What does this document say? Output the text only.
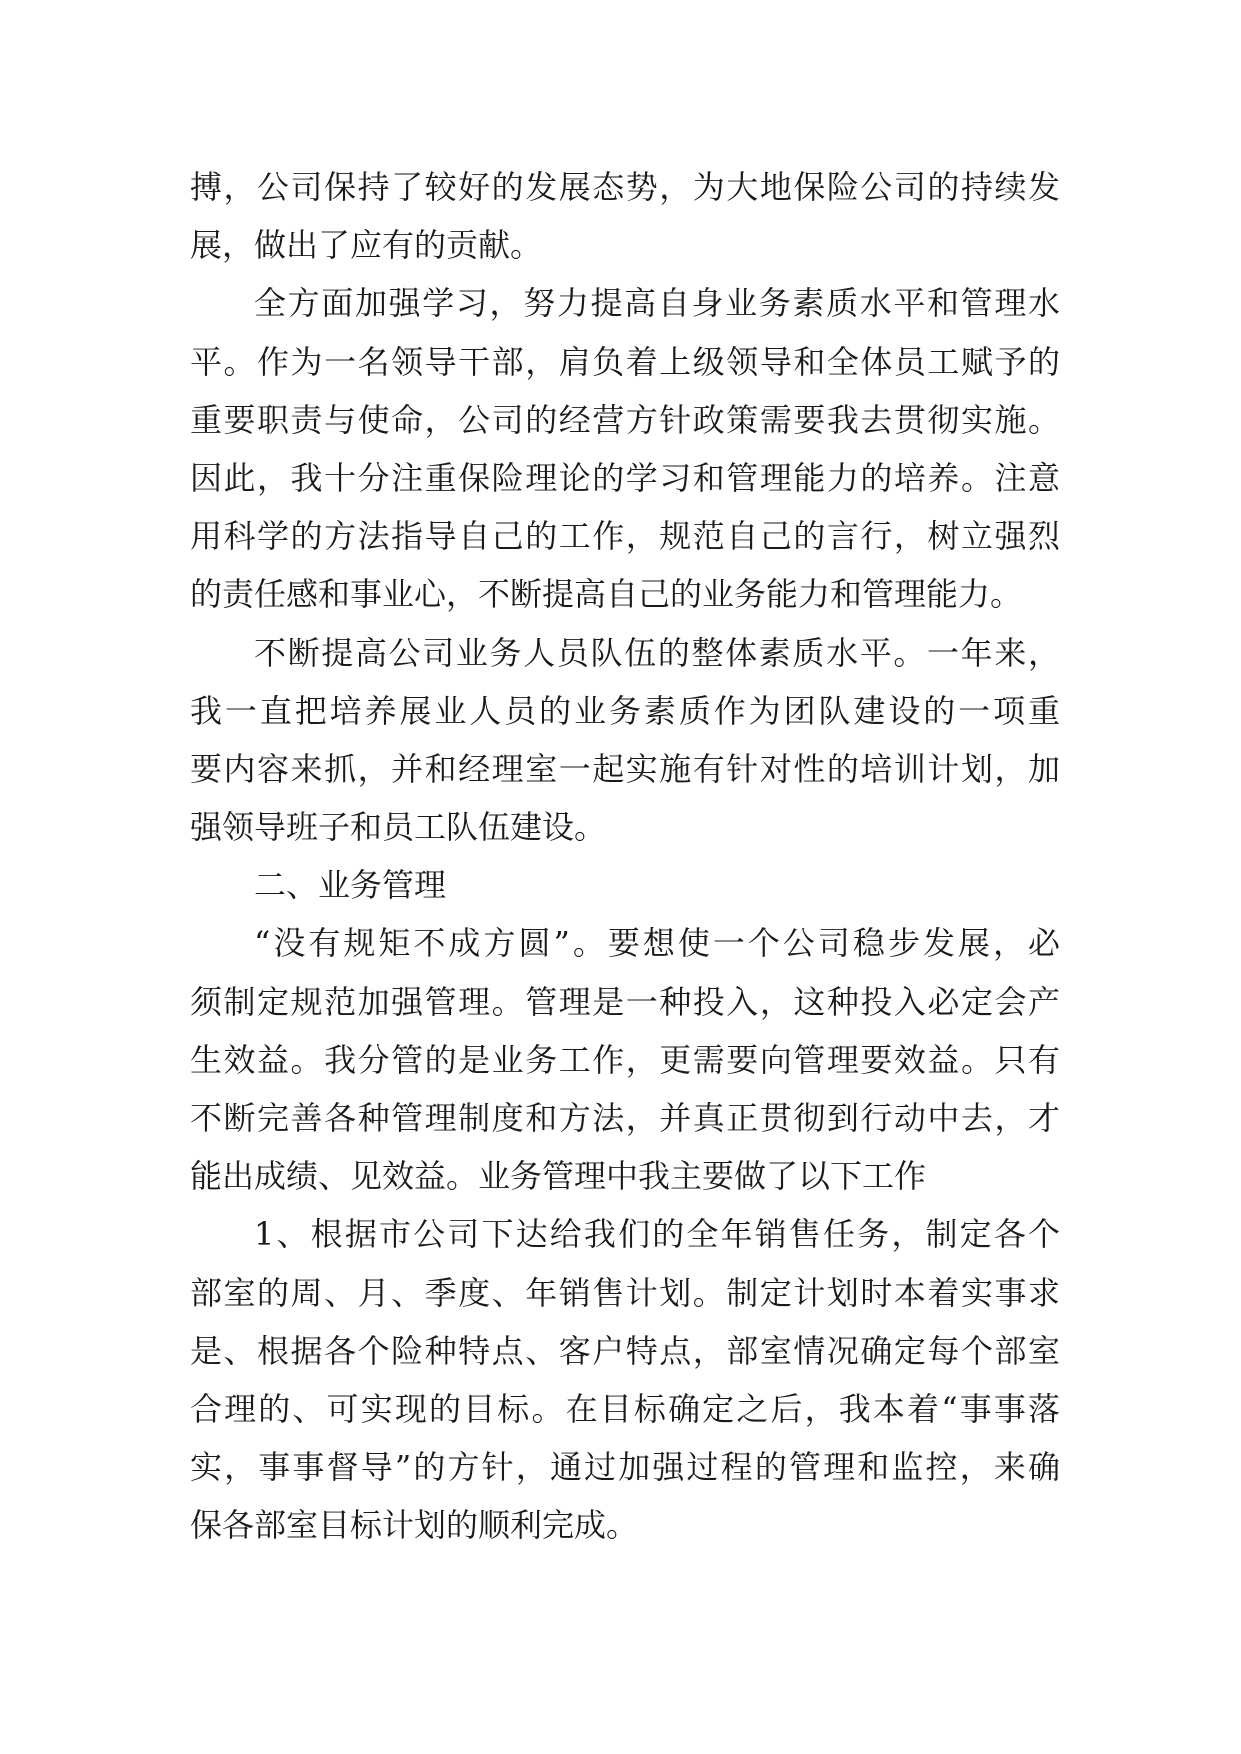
搏，公司保持了较好的发展态势，为大地保险公司的持续发
展，做出了应有的贡献。
全方面加强学习，努力提高自身业务素质水平和管理水
平。作为一名领导干部，肩负着上级领导和全体员工赋予的
重要职责与使命，公司的经营方针政策需要我去贯彻实施。
因此，我十分注重保险理论的学习和管理能力的培养。注意
用科学的方法指导自己的工作，规范自己的言行，树立强烈
的责任感和事业心，不断提高自己的业务能力和管理能力。
不断提高公司业务人员队伍的整体素质水平。一年来，
我一直把培养展业人员的业务素质作为团队建设的一项重
要内容来抓，并和经理室一起实施有针对性的培训计划，加
强领导班子和员工队伍建设。
二、业务管理
“没有规矩不成方圆”。要想使一个公司稳步发展，必
须制定规范加强管理。管理是一种投入，这种投入必定会产
生效益。我分管的是业务工作，更需要向管理要效益。只有
不断完善各种管理制度和方法，并真正贯彻到行动中去，才
能出成绩、见效益。业务管理中我主要做了以下工作
1、根据市公司下达给我们的全年销售任务，制定各个
部室的周、月、季度、年销售计划。制定计划时本着实事求
是、根据各个险种特点、客户特点，部室情况确定每个部室
合理的、可实现的目标。在目标确定之后，我本着“事事落
实，事事督导”的方针，通过加强过程的管理和监控，来确
保各部室目标计划的顺利完成。
